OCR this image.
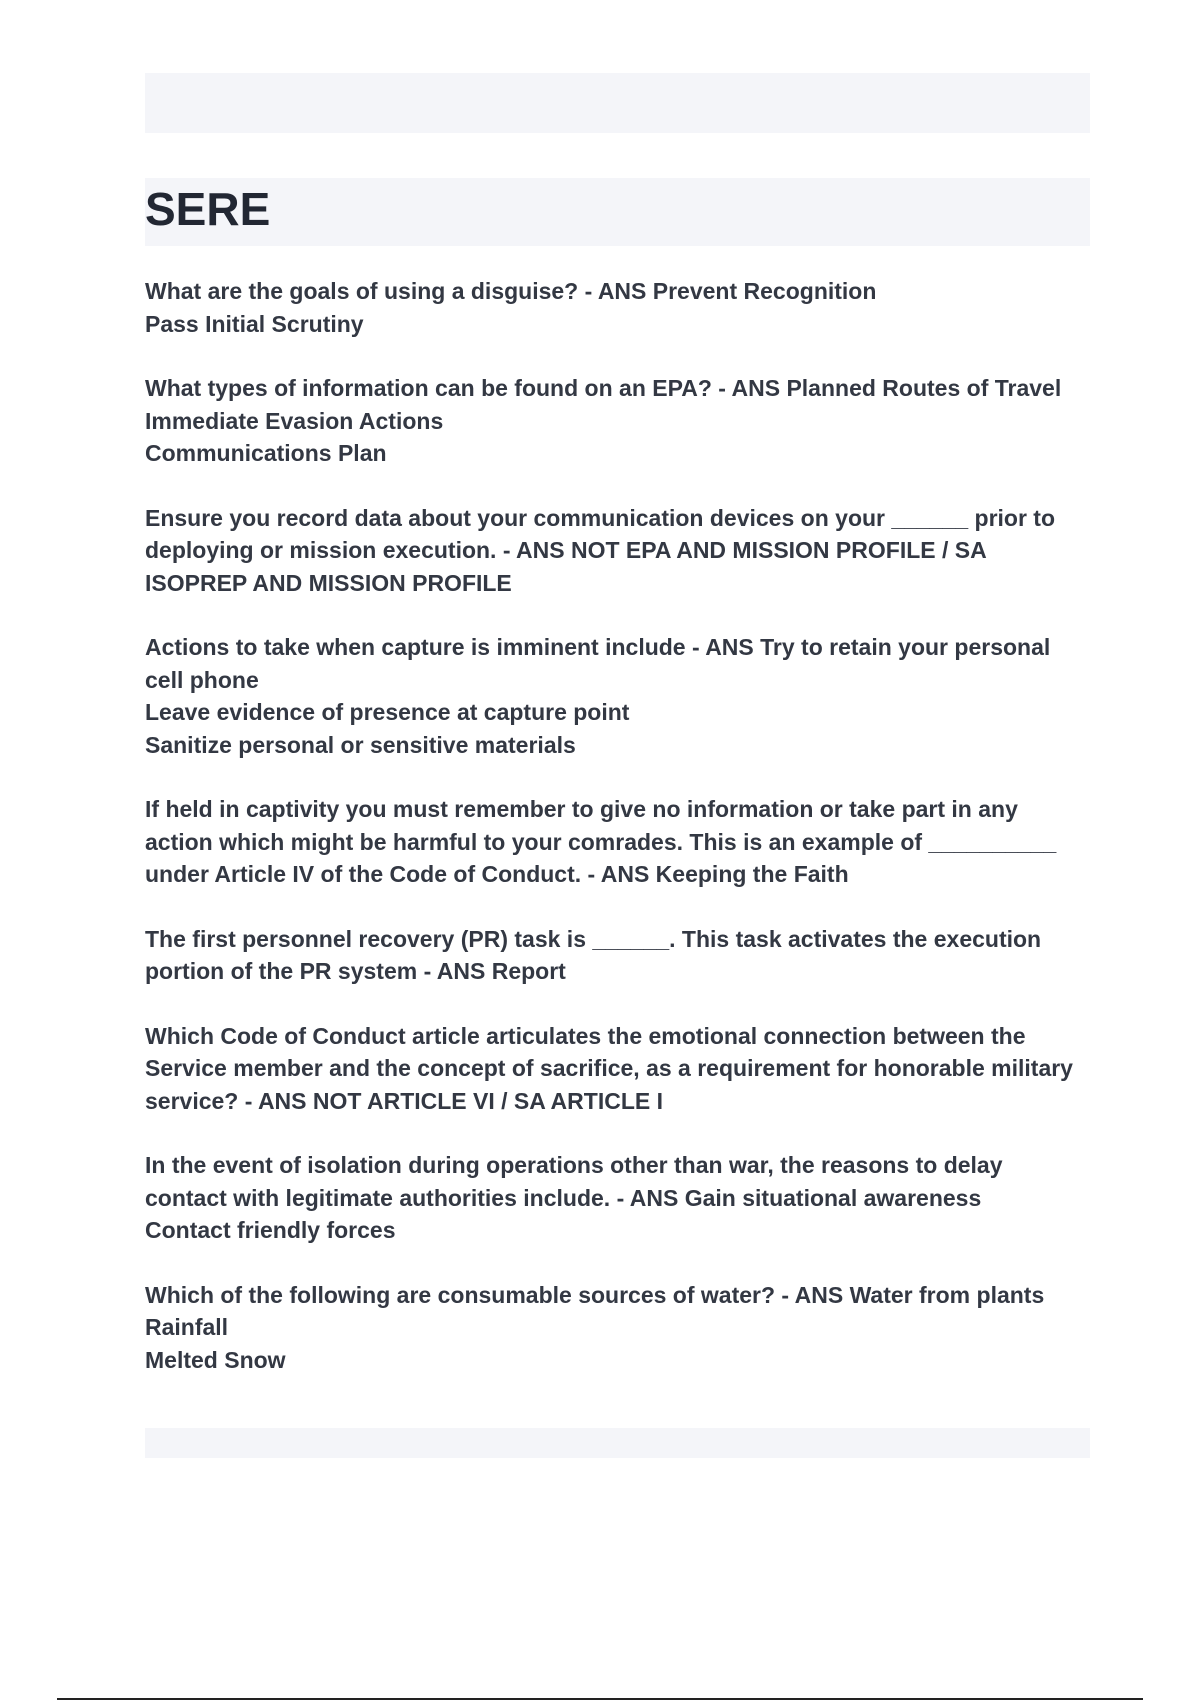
SERE
What are the goals of using a disguise? - ANS Prevent Recognition
Pass Initial Scrutiny
What types of information can be found on an EPA? - ANS Planned Routes of Travel
Immediate Evasion Actions
Communications Plan
Ensure you record data about your communication devices on your ______ prior to deploying or mission execution. - ANS NOT EPA AND MISSION PROFILE / SA ISOPREP AND MISSION PROFILE
Actions to take when capture is imminent include - ANS Try to retain your personal cell phone
Leave evidence of presence at capture point
Sanitize personal or sensitive materials
If held in captivity you must remember to give no information or take part in any action which might be harmful to your comrades. This is an example of __________ under Article IV of the Code of Conduct. - ANS Keeping the Faith
The first personnel recovery (PR) task is ______. This task activates the execution portion of the PR system - ANS Report
Which Code of Conduct article articulates the emotional connection between the Service member and the concept of sacrifice, as a requirement for honorable military service? - ANS NOT ARTICLE VI / SA ARTICLE I
In the event of isolation during operations other than war, the reasons to delay contact with legitimate authorities include. - ANS Gain situational awareness
Contact friendly forces
Which of the following are consumable sources of water? - ANS Water from plants
Rainfall
Melted Snow
